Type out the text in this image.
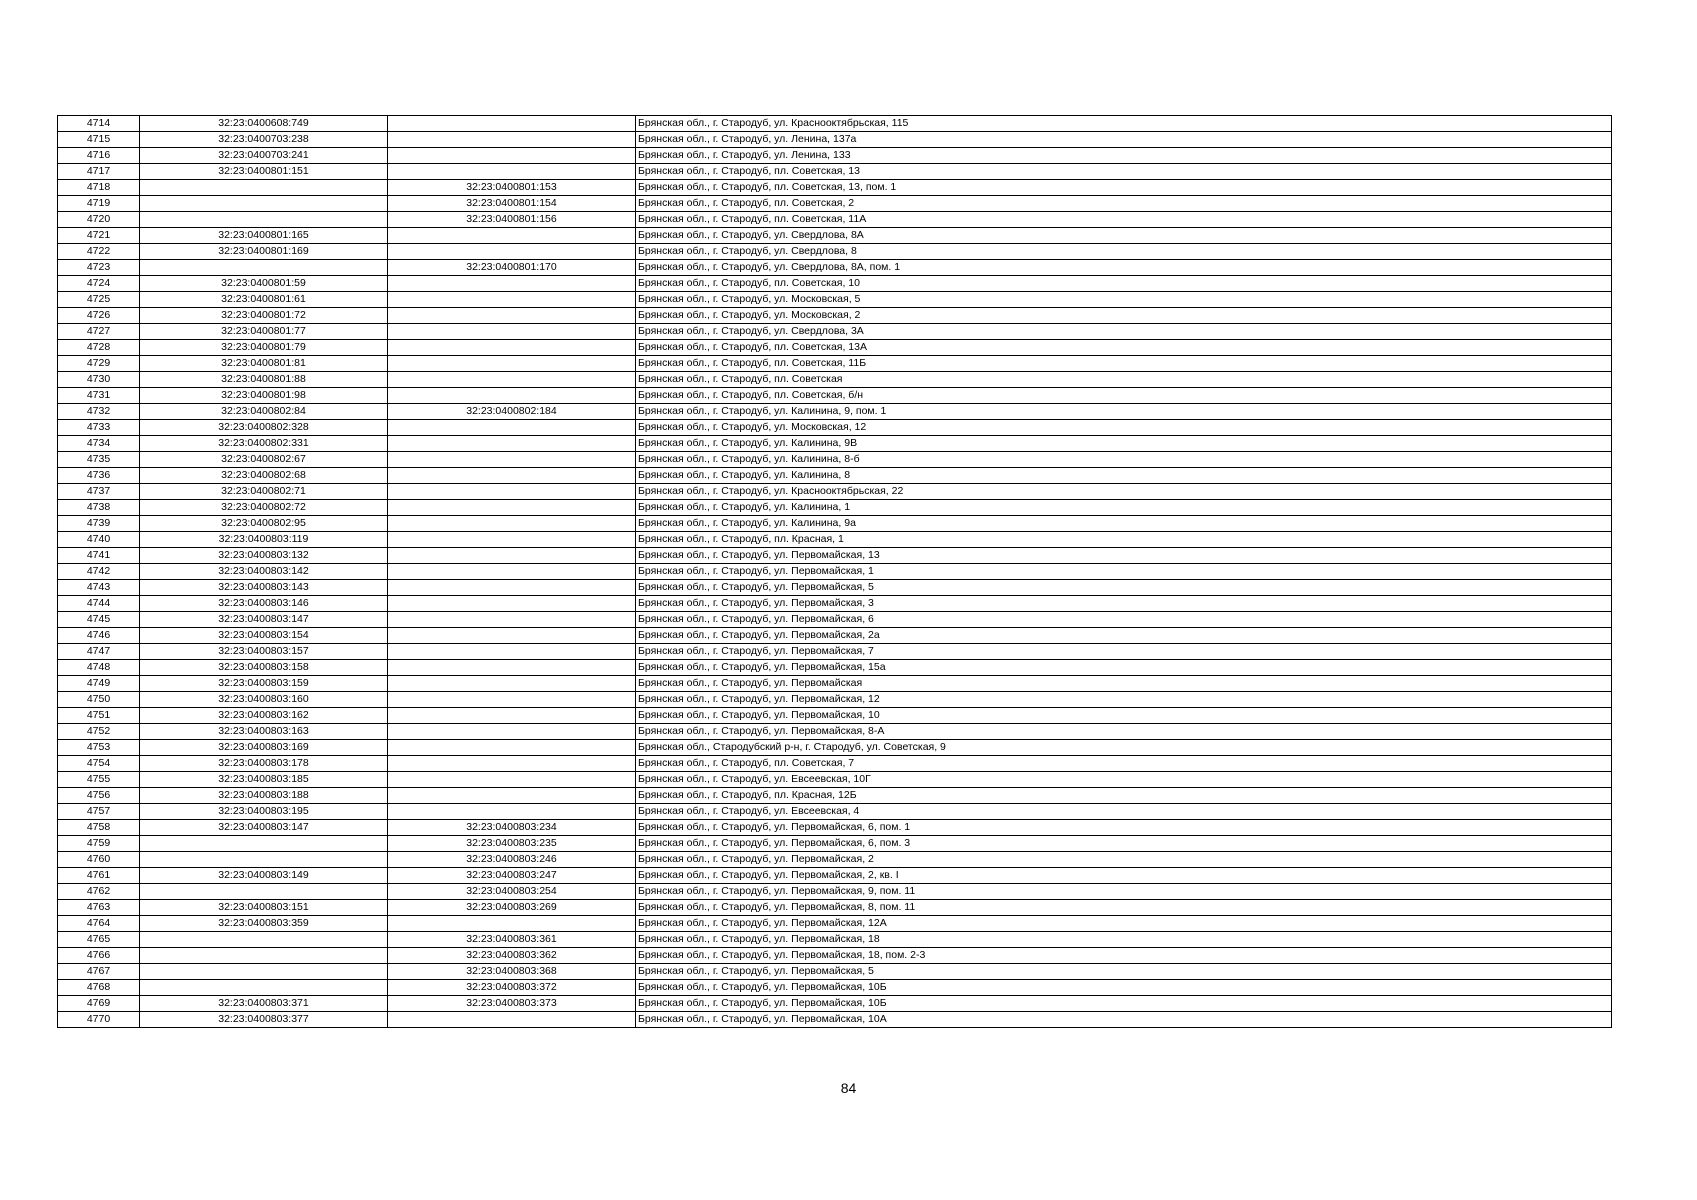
4714	32:23:0400608:749		Брянская обл., г. Стародуб, ул. Краснооктябрьская, 115
4715	32:23:0400703:238		Брянская обл., г. Стародуб, ул. Ленина, 137а
4716	32:23:0400703:241		Брянская обл., г. Стародуб, ул. Ленина, 133
4717	32:23:0400801:151		Брянская обл., г. Стародуб, пл. Советская, 13
4718		32:23:0400801:153	Брянская обл., г. Стародуб, пл. Советская, 13, пом. 1
4719		32:23:0400801:154	Брянская обл., г. Стародуб, пл. Советская, 2
4720		32:23:0400801:156	Брянская обл., г. Стародуб, пл. Советская, 11А
4721	32:23:0400801:165		Брянская обл., г. Стародуб, ул. Свердлова, 8А
4722	32:23:0400801:169		Брянская обл., г. Стародуб, ул. Свердлова, 8
4723		32:23:0400801:170	Брянская обл., г. Стародуб, ул. Свердлова, 8А, пом. 1
4724	32:23:0400801:59		Брянская обл., г. Стародуб, пл. Советская, 10
4725	32:23:0400801:61		Брянская обл., г. Стародуб, ул. Московская, 5
4726	32:23:0400801:72		Брянская обл., г. Стародуб, ул. Московская, 2
4727	32:23:0400801:77		Брянская обл., г. Стародуб, ул. Свердлова, 3А
4728	32:23:0400801:79		Брянская обл., г. Стародуб, пл. Советская, 13А
4729	32:23:0400801:81		Брянская обл., г. Стародуб, пл. Советская, 11Б
4730	32:23:0400801:88		Брянская обл., г. Стародуб, пл. Советская
4731	32:23:0400801:98		Брянская обл., г. Стародуб, пл. Советская, б/н
4732	32:23:0400802:84	32:23:0400802:184	Брянская обл., г. Стародуб, ул. Калинина, 9, пом. 1
4733	32:23:0400802:328		Брянская обл., г. Стародуб, ул. Московская, 12
4734	32:23:0400802:331		Брянская обл., г. Стародуб, ул. Калинина, 9В
4735	32:23:0400802:67		Брянская обл., г. Стародуб, ул. Калинина, 8-б
4736	32:23:0400802:68		Брянская обл., г. Стародуб, ул. Калинина, 8
4737	32:23:0400802:71		Брянская обл., г. Стародуб, ул. Краснооктябрьская, 22
4738	32:23:0400802:72		Брянская обл., г. Стародуб, ул. Калинина, 1
4739	32:23:0400802:95		Брянская обл., г. Стародуб, ул. Калинина, 9а
4740	32:23:0400803:119		Брянская обл., г. Стародуб, пл. Красная, 1
4741	32:23:0400803:132		Брянская обл., г. Стародуб, ул. Первомайская, 13
4742	32:23:0400803:142		Брянская обл., г. Стародуб, ул. Первомайская, 1
4743	32:23:0400803:143		Брянская обл., г. Стародуб, ул. Первомайская, 5
4744	32:23:0400803:146		Брянская обл., г. Стародуб, ул. Первомайская, 3
4745	32:23:0400803:147		Брянская обл., г. Стародуб, ул. Первомайская, 6
4746	32:23:0400803:154		Брянская обл., г. Стародуб, ул. Первомайская, 2а
4747	32:23:0400803:157		Брянская обл., г. Стародуб, ул. Первомайская, 7
4748	32:23:0400803:158		Брянская обл., г. Стародуб, ул. Первомайская, 15а
4749	32:23:0400803:159		Брянская обл., г. Стародуб, ул. Первомайская
4750	32:23:0400803:160		Брянская обл., г. Стародуб, ул. Первомайская, 12
4751	32:23:0400803:162		Брянская обл., г. Стародуб, ул. Первомайская, 10
4752	32:23:0400803:163		Брянская обл., г. Стародуб, ул. Первомайская, 8-А
4753	32:23:0400803:169		Брянская обл., Стародубский р-н, г. Стародуб, ул. Советская, 9
4754	32:23:0400803:178		Брянская обл., г. Стародуб, пл. Советская, 7
4755	32:23:0400803:185		Брянская обл., г. Стародуб, ул. Евсеевская, 10Г
4756	32:23:0400803:188		Брянская обл., г. Стародуб, пл. Красная, 12Б
4757	32:23:0400803:195		Брянская обл., г. Стародуб, ул. Евсеевская, 4
4758	32:23:0400803:147	32:23:0400803:234	Брянская обл., г. Стародуб, ул. Первомайская, 6, пом. 1
4759		32:23:0400803:235	Брянская обл., г. Стародуб, ул. Первомайская, 6, пом. 3
4760		32:23:0400803:246	Брянская обл., г. Стародуб, ул. Первомайская, 2
4761	32:23:0400803:149	32:23:0400803:247	Брянская обл., г. Стародуб, ул. Первомайская, 2, кв. I
4762		32:23:0400803:254	Брянская обл., г. Стародуб, ул. Первомайская, 9, пом. 11
4763	32:23:0400803:151	32:23:0400803:269	Брянская обл., г. Стародуб, ул. Первомайская, 8, пом. 11
4764	32:23:0400803:359		Брянская обл., г. Стародуб, ул. Первомайская, 12А
4765		32:23:0400803:361	Брянская обл., г. Стародуб, ул. Первомайская, 18
4766		32:23:0400803:362	Брянская обл., г. Стародуб, ул. Первомайская, 18, пом. 2-3
4767		32:23:0400803:368	Брянская обл., г. Стародуб, ул. Первомайская, 5
4768		32:23:0400803:372	Брянская обл., г. Стародуб, ул. Первомайская, 10Б
4769	32:23:0400803:371	32:23:0400803:373	Брянская обл., г. Стародуб, ул. Первомайская, 10Б
4770	32:23:0400803:377		Брянская обл., г. Стародуб, ул. Первомайская, 10А
84
